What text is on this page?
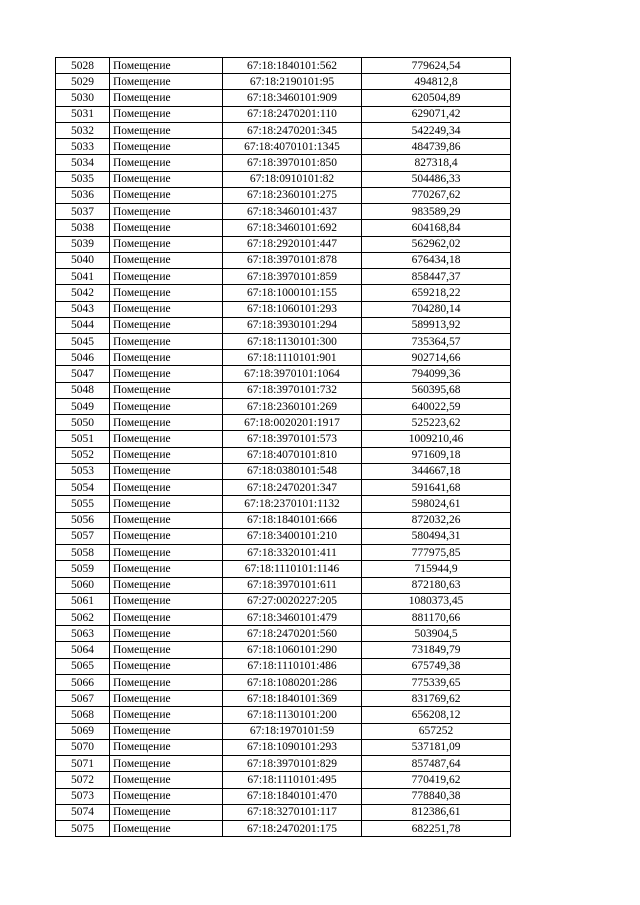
5028	Помещение	67:18:1840101:562	779624,54
5029	Помещение	67:18:2190101:95	494812,8
5030	Помещение	67:18:3460101:909	620504,89
5031	Помещение	67:18:2470201:110	629071,42
5032	Помещение	67:18:2470201:345	542249,34
5033	Помещение	67:18:4070101:1345	484739,86
5034	Помещение	67:18:3970101:850	827318,4
5035	Помещение	67:18:0910101:82	504486,33
5036	Помещение	67:18:2360101:275	770267,62
5037	Помещение	67:18:3460101:437	983589,29
5038	Помещение	67:18:3460101:692	604168,84
5039	Помещение	67:18:2920101:447	562962,02
5040	Помещение	67:18:3970101:878	676434,18
5041	Помещение	67:18:3970101:859	858447,37
5042	Помещение	67:18:1000101:155	659218,22
5043	Помещение	67:18:1060101:293	704280,14
5044	Помещение	67:18:3930101:294	589913,92
5045	Помещение	67:18:1130101:300	735364,57
5046	Помещение	67:18:1110101:901	902714,66
5047	Помещение	67:18:3970101:1064	794099,36
5048	Помещение	67:18:3970101:732	560395,68
5049	Помещение	67:18:2360101:269	640022,59
5050	Помещение	67:18:0020201:1917	525223,62
5051	Помещение	67:18:3970101:573	1009210,46
5052	Помещение	67:18:4070101:810	971609,18
5053	Помещение	67:18:0380101:548	344667,18
5054	Помещение	67:18:2470201:347	591641,68
5055	Помещение	67:18:2370101:1132	598024,61
5056	Помещение	67:18:1840101:666	872032,26
5057	Помещение	67:18:3400101:210	580494,31
5058	Помещение	67:18:3320101:411	777975,85
5059	Помещение	67:18:1110101:1146	715944,9
5060	Помещение	67:18:3970101:611	872180,63
5061	Помещение	67:27:0020227:205	1080373,45
5062	Помещение	67:18:3460101:479	881170,66
5063	Помещение	67:18:2470201:560	503904,5
5064	Помещение	67:18:1060101:290	731849,79
5065	Помещение	67:18:1110101:486	675749,38
5066	Помещение	67:18:1080201:286	775339,65
5067	Помещение	67:18:1840101:369	831769,62
5068	Помещение	67:18:1130101:200	656208,12
5069	Помещение	67:18:1970101:59	657252
5070	Помещение	67:18:1090101:293	537181,09
5071	Помещение	67:18:3970101:829	857487,64
5072	Помещение	67:18:1110101:495	770419,62
5073	Помещение	67:18:1840101:470	778840,38
5074	Помещение	67:18:3270101:117	812386,61
5075	Помещение	67:18:2470201:175	682251,78
